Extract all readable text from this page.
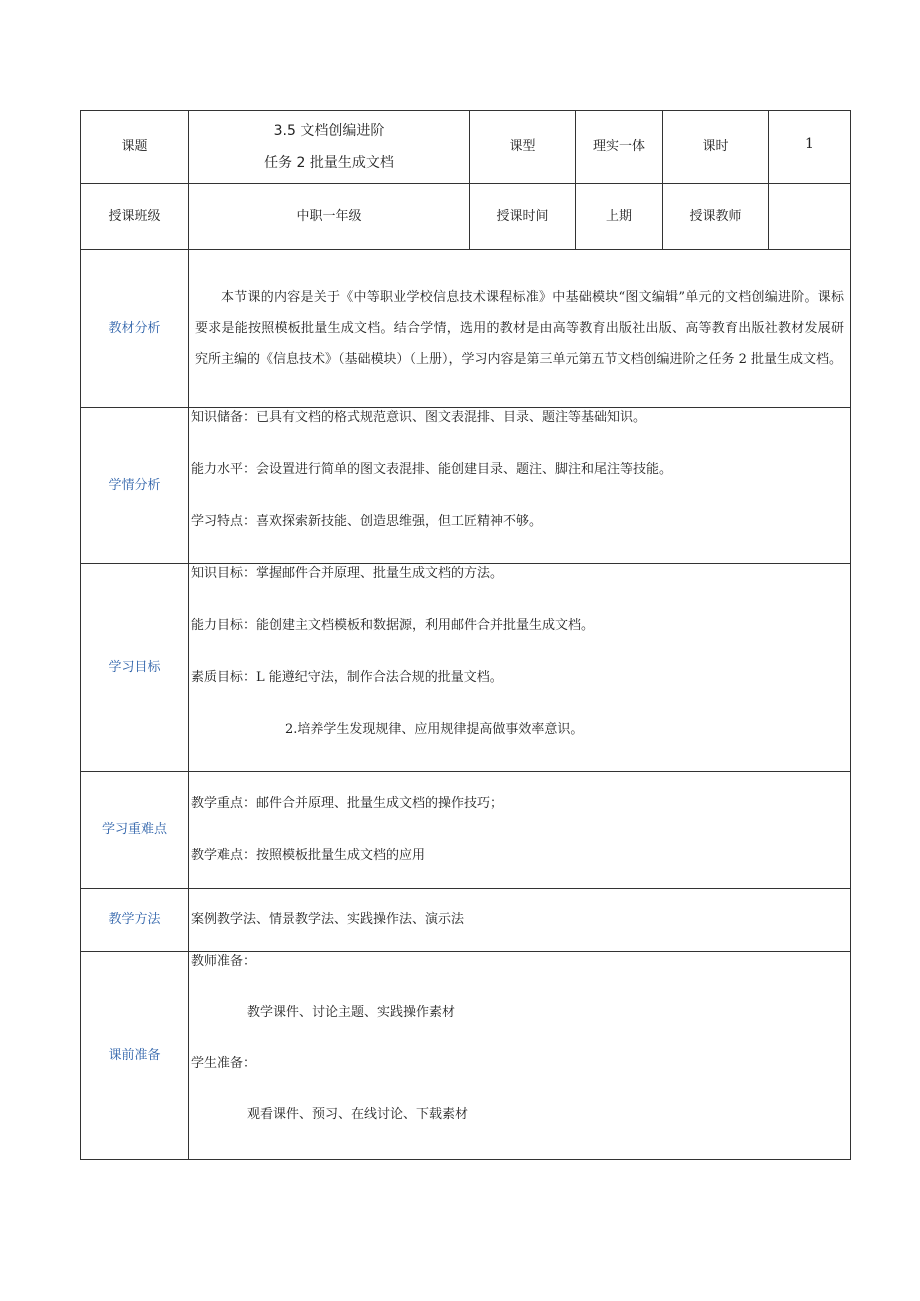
课题	3.5 文档创编进阶
任务 2 批量生成文档	课型	理实一体	课时	1
授课班级	中职一年级	授课时间	上期	授课教师	
教材分析	本节课的内容是关于《中等职业学校信息技术课程标准》中基础模块“图文编辑”单元的文档创编进阶。课标要求是能按照模板批量生成文档。结合学情，选用的教材是由高等教育出版社出版、高等教育出版社教材发展研究所主编的《信息技术》（基础模块）（上册），学习内容是第三单元第五节文档创编进阶之任务 2 批量生成文档。				

学情分析	知识储备：已具有文档的格式规范意识、图文表混排、目录、题注等基础知识。
能力水平：会设置进行简单的图文表混排、能创建目录、题注、脚注和尾注等技能。
学习特点：喜欢探索新技能、创造思维强，但工匠精神不够。				

学习目标	知识目标：掌握邮件合并原理、批量生成文档的方法。
能力目标：能创建主文档模板和数据源，利用邮件合并批量生成文档。
素质目标：L 能遵纪守法，制作合法合规的批量文档。
2.培养学生发现规律、应用规律提高做事效率意识。				

学习重难点	教学重点：邮件合并原理、批量生成文档的操作技巧；
教学难点：按照模板批量生成文档的应用				

教学方法	案例教学法、情景教学法、实践操作法、演示法				

课前准备	教师准备：
教学课件、讨论主题、实践操作素材
学生准备：
观看课件、预习、在线讨论、下载素材				
